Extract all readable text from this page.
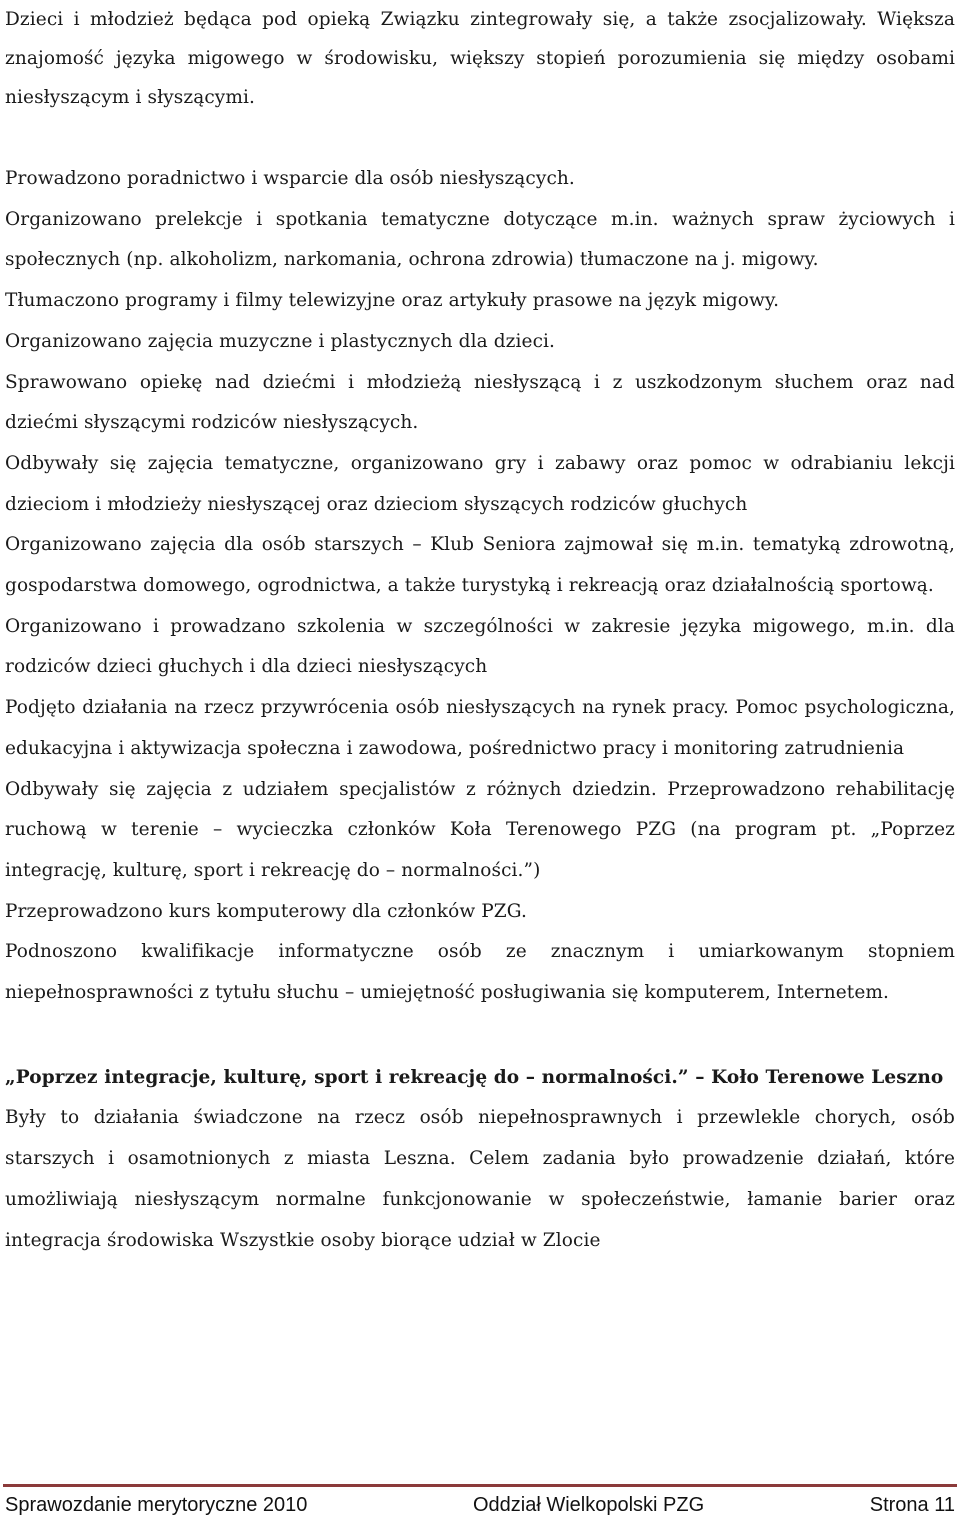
Dzieci i młodzież będąca pod opieką Związku zintegrowały się, a także zsocjalizowały. Większa znajomość języka migowego w środowisku, większy stopień porozumienia się między osobami niesłyszącym i słyszącymi.

Prowadzono poradnictwo i wsparcie dla osób niesłyszących.

Organizowano prelekcje i spotkania tematyczne dotyczące m.in. ważnych spraw życiowych i społecznych (np. alkoholizm, narkomania, ochrona zdrowia) tłumaczone na j. migowy.

Tłumaczono programy i filmy telewizyjne oraz artykuły prasowe na język migowy.

Organizowano zajęcia muzyczne i plastycznych dla dzieci.

Sprawowano opiekę nad dziećmi i młodzieżą niesłyszącą i z uszkodzonym słuchem oraz nad dziećmi słyszącymi rodziców niesłyszących.

Odbywały się zajęcia tematyczne, organizowano gry i zabawy oraz pomoc w odrabianiu lekcji dzieciom i młodzieży niesłyszącej oraz dzieciom słyszących rodziców głuchych

Organizowano zajęcia dla osób starszych – Klub Seniora zajmował się m.in. tematyką zdrowotną, gospodarstwa domowego, ogrodnictwa, a także turystyką i rekreacją oraz działalnością sportową.

Organizowano i prowadzano szkolenia w szczególności w zakresie języka migowego, m.in. dla rodziców dzieci głuchych i dla dzieci niesłyszących

Podjęto działania na rzecz przywrócenia osób niesłyszących na rynek pracy. Pomoc psychologiczna, edukacyjna i aktywizacja społeczna i zawodowa, pośrednictwo pracy i monitoring zatrudnienia

Odbywały się zajęcia z udziałem specjalistów z różnych dziedzin. Przeprowadzono rehabilitację ruchową w terenie – wycieczka członków Koła Terenowego PZG (na program pt. „Poprzez integrację, kulturę, sport i rekreację do – normalności.”)

Przeprowadzono kurs komputerowy dla członków PZG.

Podnoszono kwalifikacje informatyczne osób ze znacznym i umiarkowanym stopniem niepełnosprawności z tytułu słuchu – umiejętność posługiwania się komputerem, Internetem.

„Poprzez integracje, kulturę, sport i rekreację do – normalności.” – Koło Terenowe Leszno

Były to działania świadczone na rzecz osób niepełnosprawnych i przewlekle chorych, osób starszych i osamotnionych z miasta Leszna. Celem zadania było prowadzenie działań, które umożliwiają niesłyszącym normalne funkcjonowanie w społeczeństwie, łamanie barier oraz integracja środowiska Wszystkie osoby biorące udział w Zlocie

Sprawozdanie merytoryczne 2010	Oddział Wielkopolski PZG	Strona 11
